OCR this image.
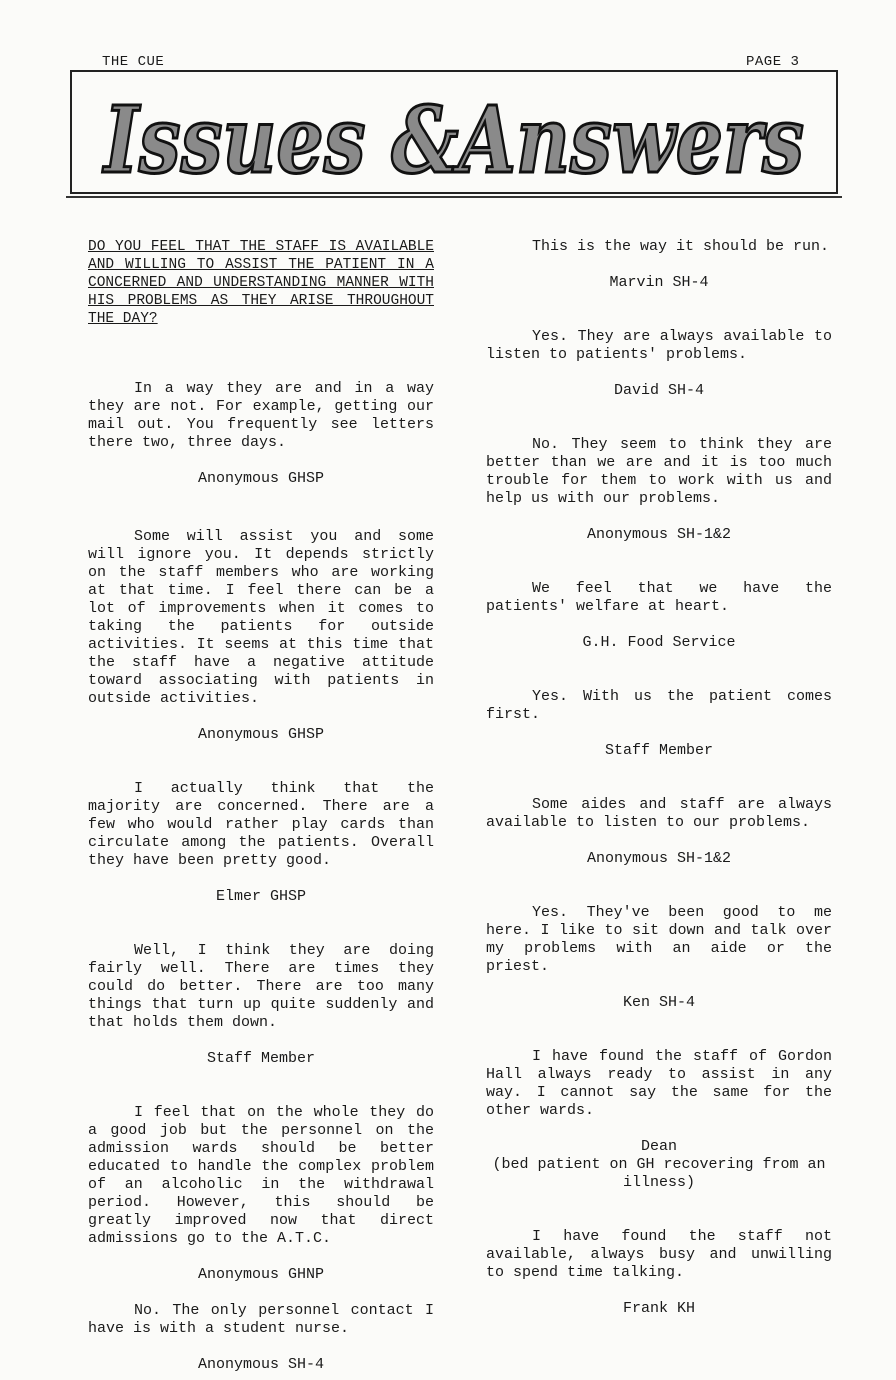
THE CUE	PAGE 3
Issues &Answers

DO YOU FEEL THAT THE STAFF IS AVAILABLE AND WILLING TO ASSIST THE PATIENT IN A CONCERNED AND UNDERSTANDING MANNER WITH HIS PROBLEMS AS THEY ARISE THROUGHOUT THE DAY?

In a way they are and in a way they are not. For example, getting our mail out. You frequently see letters there two, three days.

Anonymous GHSP

Some will assist you and some will ignore you. It depends strictly on the staff members who are working at that time. I feel there can be a lot of improvements when it comes to taking the patients for outside activities. It seems at this time that the staff have a negative attitude toward associating with patients in outside activities.

Anonymous GHSP

I actually think that the majority are concerned. There are a few who would rather play cards than circulate among the patients. Overall they have been pretty good.

Elmer GHSP

Well, I think they are doing fairly well. There are times they could do better. There are too many things that turn up quite suddenly and that holds them down.

Staff Member

I feel that on the whole they do a good job but the personnel on the admission wards should be better educated to handle the complex problem of an alcoholic in the withdrawal period. However, this should be greatly improved now that direct admissions go to the A.T.C.

Anonymous GHNP

No. The only personnel contact I have is with a student nurse.

Anonymous SH-4

This is the way it should be run.

Marvin SH-4

Yes. They are always available to listen to patients' problems.

David SH-4

No. They seem to think they are better than we are and it is too much trouble for them to work with us and help us with our problems.

Anonymous SH-1&2

We feel that we have the patients' welfare at heart.

G.H. Food Service

Yes. With us the patient comes first.

Staff Member

Some aides and staff are always available to listen to our problems.

Anonymous SH-1&2

Yes. They've been good to me here. I like to sit down and talk over my problems with an aide or the priest.

Ken SH-4

I have found the staff of Gordon Hall always ready to assist in any way. I cannot say the same for the other wards.

Dean

(bed patient on GH recovering from an illness)

I have found the staff not available, always busy and unwilling to spend time talking.

Frank KH
